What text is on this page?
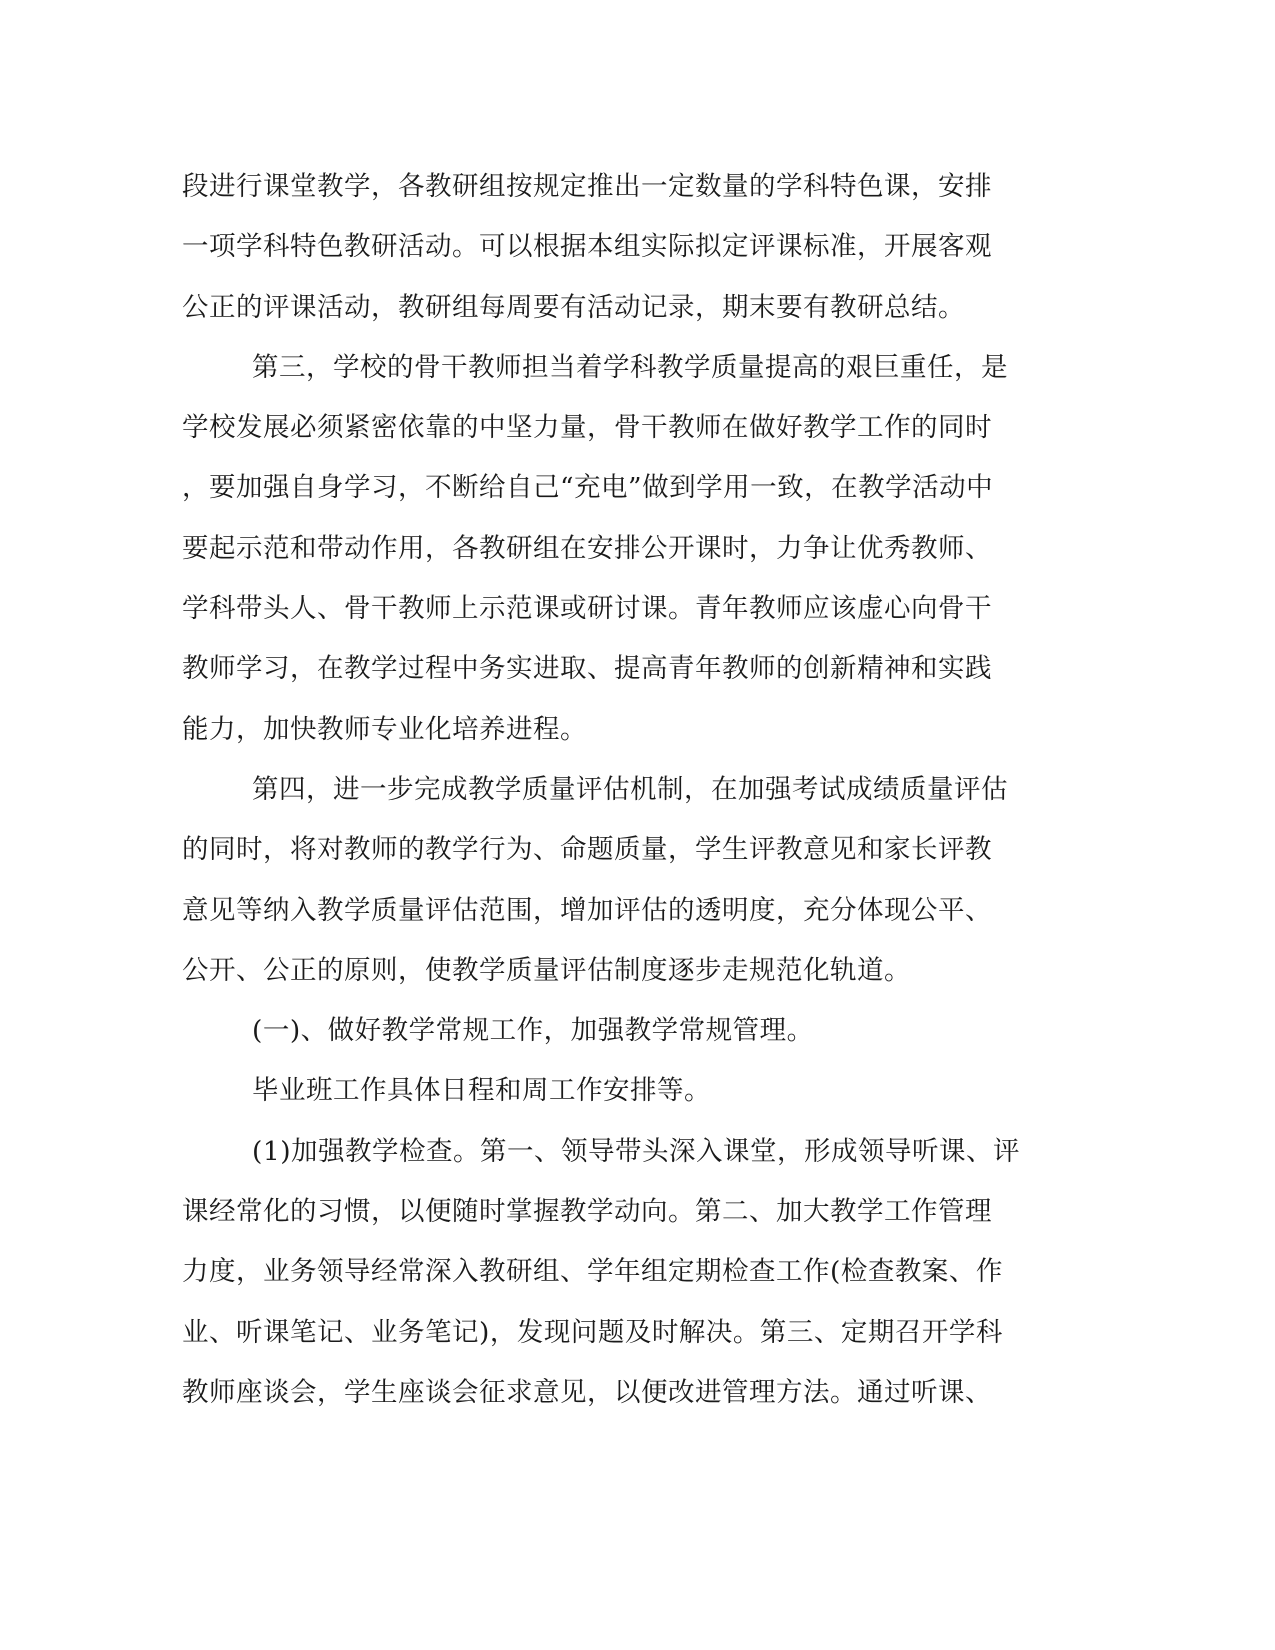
段进行课堂教学，各教研组按规定推出一定数量的学科特色课，安排
一项学科特色教研活动。可以根据本组实际拟定评课标准，开展客观
公正的评课活动，教研组每周要有活动记录，期末要有教研总结。
第三，学校的骨干教师担当着学科教学质量提高的艰巨重任，是
学校发展必须紧密依靠的中坚力量，骨干教师在做好教学工作的同时
，要加强自身学习，不断给自己“充电”做到学用一致，在教学活动中
要起示范和带动作用，各教研组在安排公开课时，力争让优秀教师、
学科带头人、骨干教师上示范课或研讨课。青年教师应该虚心向骨干
教师学习，在教学过程中务实进取、提高青年教师的创新精神和实践
能力，加快教师专业化培养进程。
第四，进一步完成教学质量评估机制，在加强考试成绩质量评估
的同时，将对教师的教学行为、命题质量，学生评教意见和家长评教
意见等纳入教学质量评估范围，增加评估的透明度，充分体现公平、
公开、公正的原则，使教学质量评估制度逐步走规范化轨道。
(一)、做好教学常规工作，加强教学常规管理。
毕业班工作具体日程和周工作安排等。
(1)加强教学检查。第一、领导带头深入课堂，形成领导听课、评
课经常化的习惯，以便随时掌握教学动向。第二、加大教学工作管理
力度，业务领导经常深入教研组、学年组定期检查工作(检查教案、作
业、听课笔记、业务笔记)，发现问题及时解决。第三、定期召开学科
教师座谈会，学生座谈会征求意见，以便改进管理方法。通过听课、
